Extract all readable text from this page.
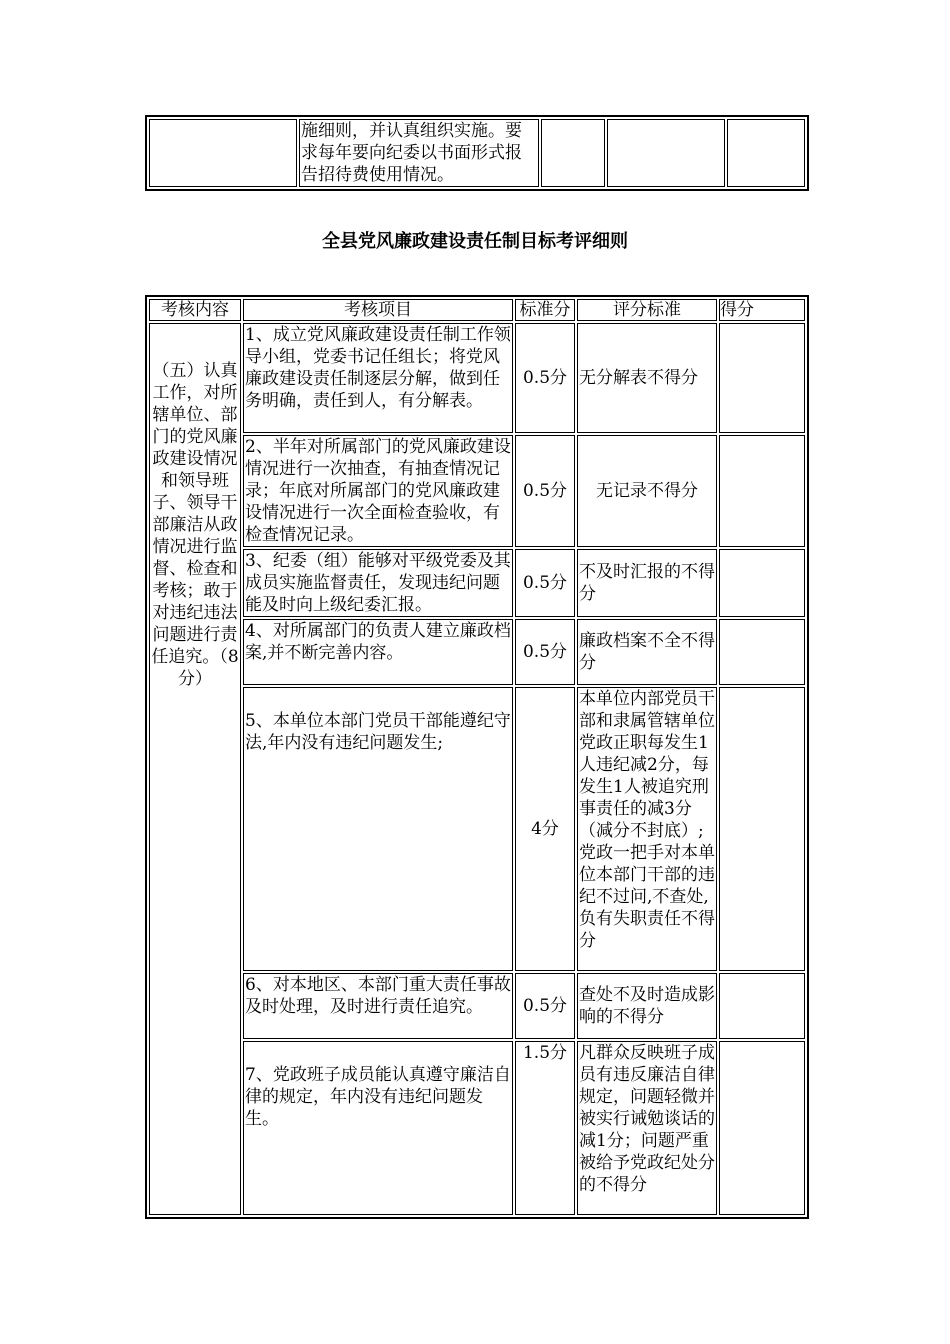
	施细则，并认真组织实施。要求每年要向纪委以书面形式报告招待费使用情况。			
全县党风廉政建设责任制目标考评细则
考核内容	考核项目	标准分	评分标准	得分
（五）认真工作，对所辖单位、部门的党风廉政建设情况和领导班子、领导干部廉洁从政情况进行监督、检查和考核；敢于对违纪违法问题进行责任追究。（8分）	1、成立党风廉政建设责任制工作领导小组，党委书记任组长；将党风廉政建设责任制逐层分解，做到任务明确，责任到人，有分解表。	0.5分	无分解表不得分	
	2、半年对所属部门的党风廉政建设情况进行一次抽查，有抽查情况记录；年底对所属部门的党风廉政建设情况进行一次全面检查验收，有检查情况记录。	0.5分	无记录不得分	
	3、纪委（组）能够对平级党委及其成员实施监督责任，发现违纪问题能及时向上级纪委汇报。	0.5分	不及时汇报的不得分	
	4、对所属部门的负责人建立廉政档案,并不断完善内容。	0.5分	廉政档案不全不得分	
	5、本单位本部门党员干部能遵纪守法,年内没有违纪问题发生;	4分	本单位内部党员干部和隶属管辖单位党政正职每发生1人违纪减2分，每发生1人被追究刑事责任的减3分（减分不封底）;党政一把手对本单位本部门干部的违纪不过问,不查处,负有失职责任不得分	
	6、对本地区、本部门重大责任事故及时处理，及时进行责任追究。	0.5分	查处不及时造成影响的不得分	
	7、党政班子成员能认真遵守廉洁自律的规定，年内没有违纪问题发生。	1.5分	凡群众反映班子成员有违反廉洁自律规定，问题轻微并被实行诫勉谈话的减1分；问题严重被给予党政纪处分的不得分	
